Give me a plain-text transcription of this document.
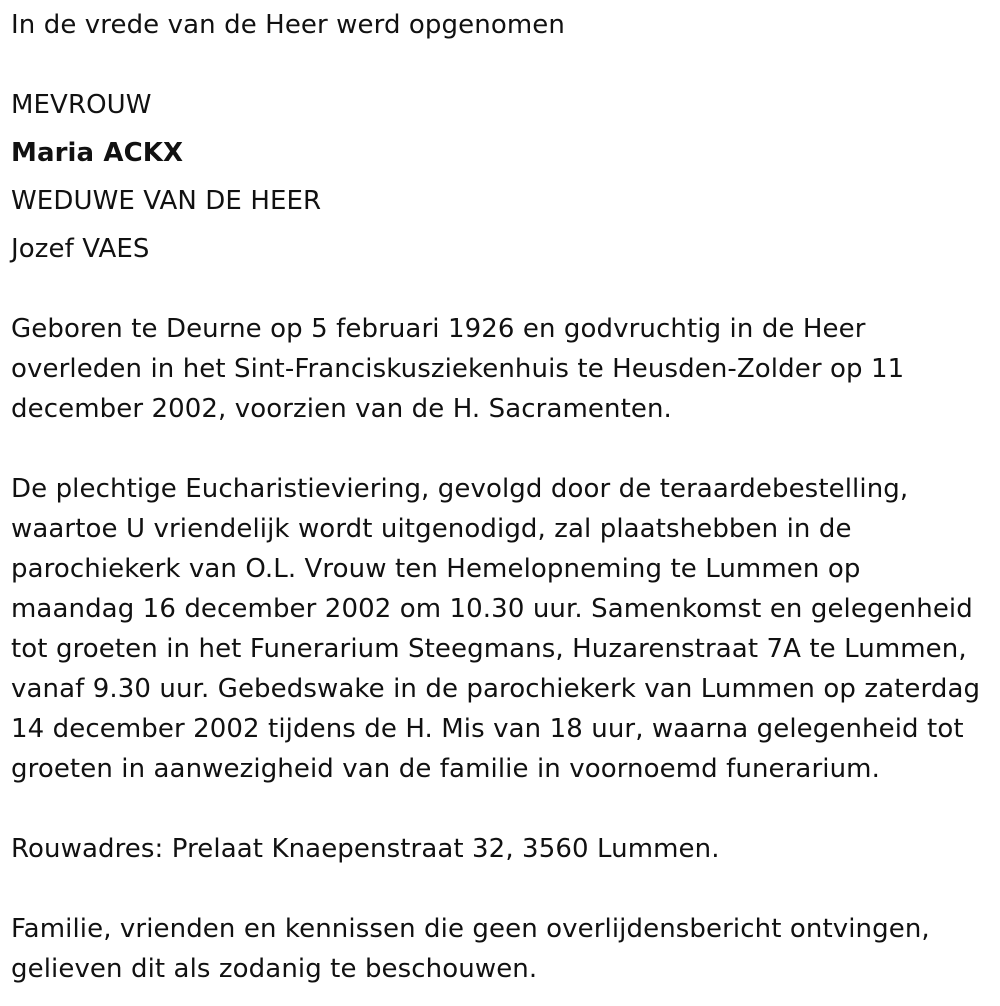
In de vrede van de Heer werd opgenomen
MEVROUW
Maria ACKX
WEDUWE VAN DE HEER
Jozef VAES
Geboren te Deurne op 5 februari 1926 en godvruchtig in de Heer
overleden in het Sint-Franciskusziekenhuis te Heusden-Zolder op 11
december 2002, voorzien van de H. Sacramenten.
De plechtige Eucharistieviering, gevolgd door de teraardebestelling,
waartoe U vriendelijk wordt uitgenodigd, zal plaatshebben in de
parochiekerk van O.L. Vrouw ten Hemelopneming te Lummen op
maandag 16 december 2002 om 10.30 uur. Samenkomst en gelegenheid
tot groeten in het Funerarium Steegmans, Huzarenstraat 7A te Lummen,
vanaf 9.30 uur. Gebedswake in de parochiekerk van Lummen op zaterdag
14 december 2002 tijdens de H. Mis van 18 uur, waarna gelegenheid tot
groeten in aanwezigheid van de familie in voornoemd funerarium.
Rouwadres: Prelaat Knaepenstraat 32, 3560 Lummen.
Familie, vrienden en kennissen die geen overlijdensbericht ontvingen,
gelieven dit als zodanig te beschouwen.
